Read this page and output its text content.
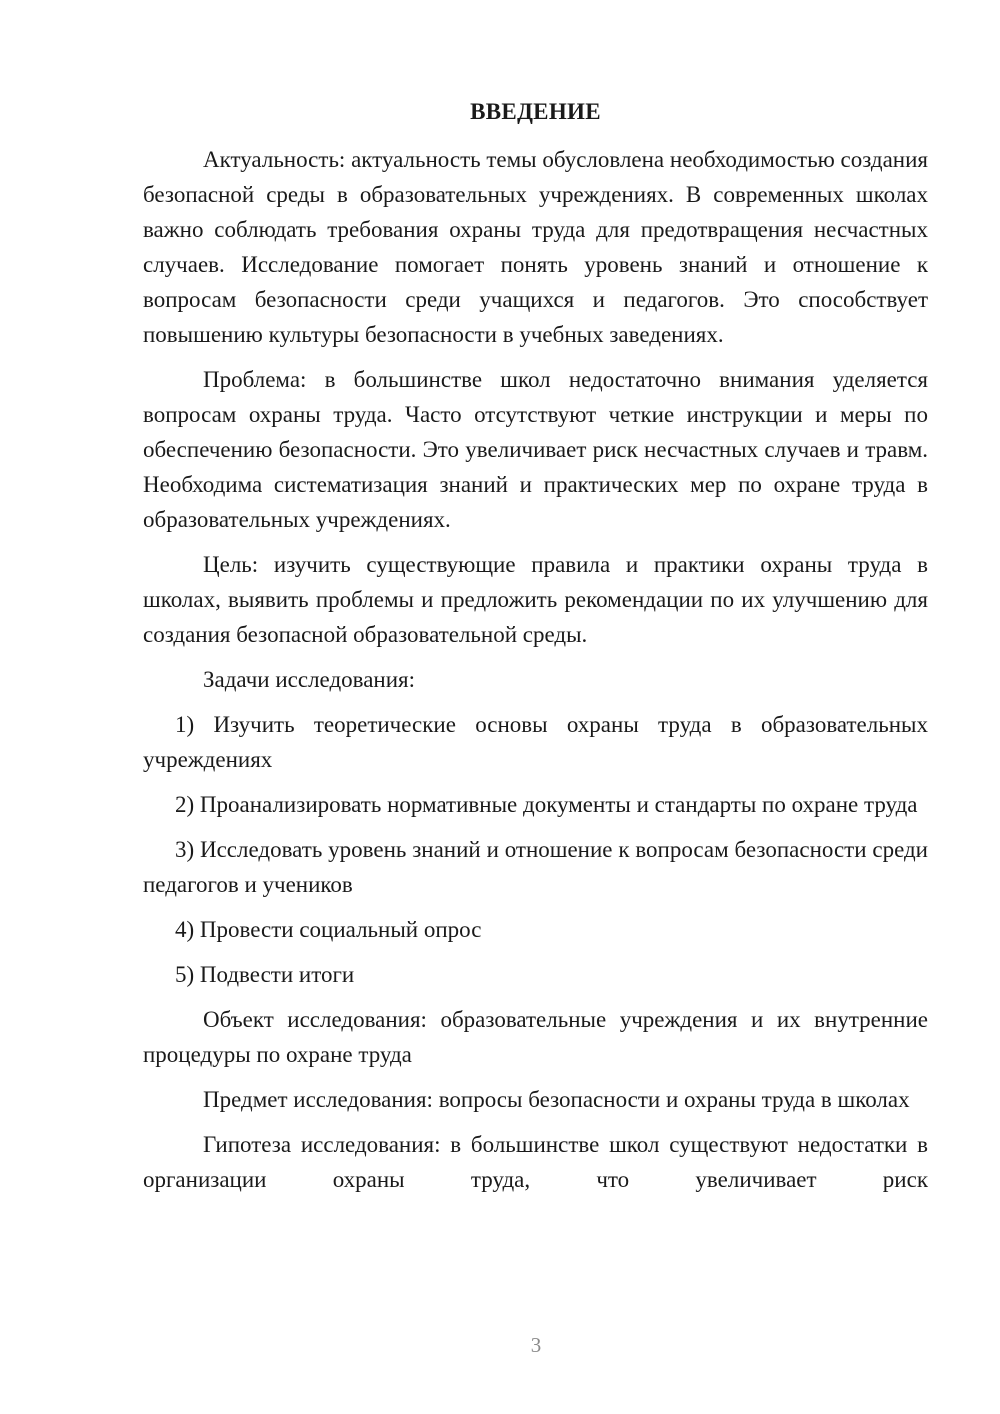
ВВЕДЕНИЕ

Актуальность: актуальность темы обусловлена необходимостью создания безопасной среды в образовательных учреждениях. В современных школах важно соблюдать требования охраны труда для предотвращения несчастных случаев. Исследование помогает понять уровень знаний и отношение к вопросам безопасности среди учащихся и педагогов. Это способствует повышению культуры безопасности в учебных заведениях.

Проблема: в большинстве школ недостаточно внимания уделяется вопросам охраны труда. Часто отсутствуют четкие инструкции и меры по обеспечению безопасности. Это увеличивает риск несчастных случаев и травм. Необходима систематизация знаний и практических мер по охране труда в образовательных учреждениях.

Цель: изучить существующие правила и практики охраны труда в школах, выявить проблемы и предложить рекомендации по их улучшению для создания безопасной образовательной среды.

Задачи исследования:

1) Изучить теоретические основы охраны труда в образовательных учреждениях

2) Проанализировать нормативные документы и стандарты по охране труда

3) Исследовать уровень знаний и отношение к вопросам безопасности среди педагогов и учеников

4) Провести социальный опрос

5) Подвести итоги

Объект исследования: образовательные учреждения и их внутренние процедуры по охране труда

Предмет исследования: вопросы безопасности и охраны труда в школах

Гипотеза исследования: в большинстве школ существуют недостатки в организации охраны труда, что увеличивает риск

3
